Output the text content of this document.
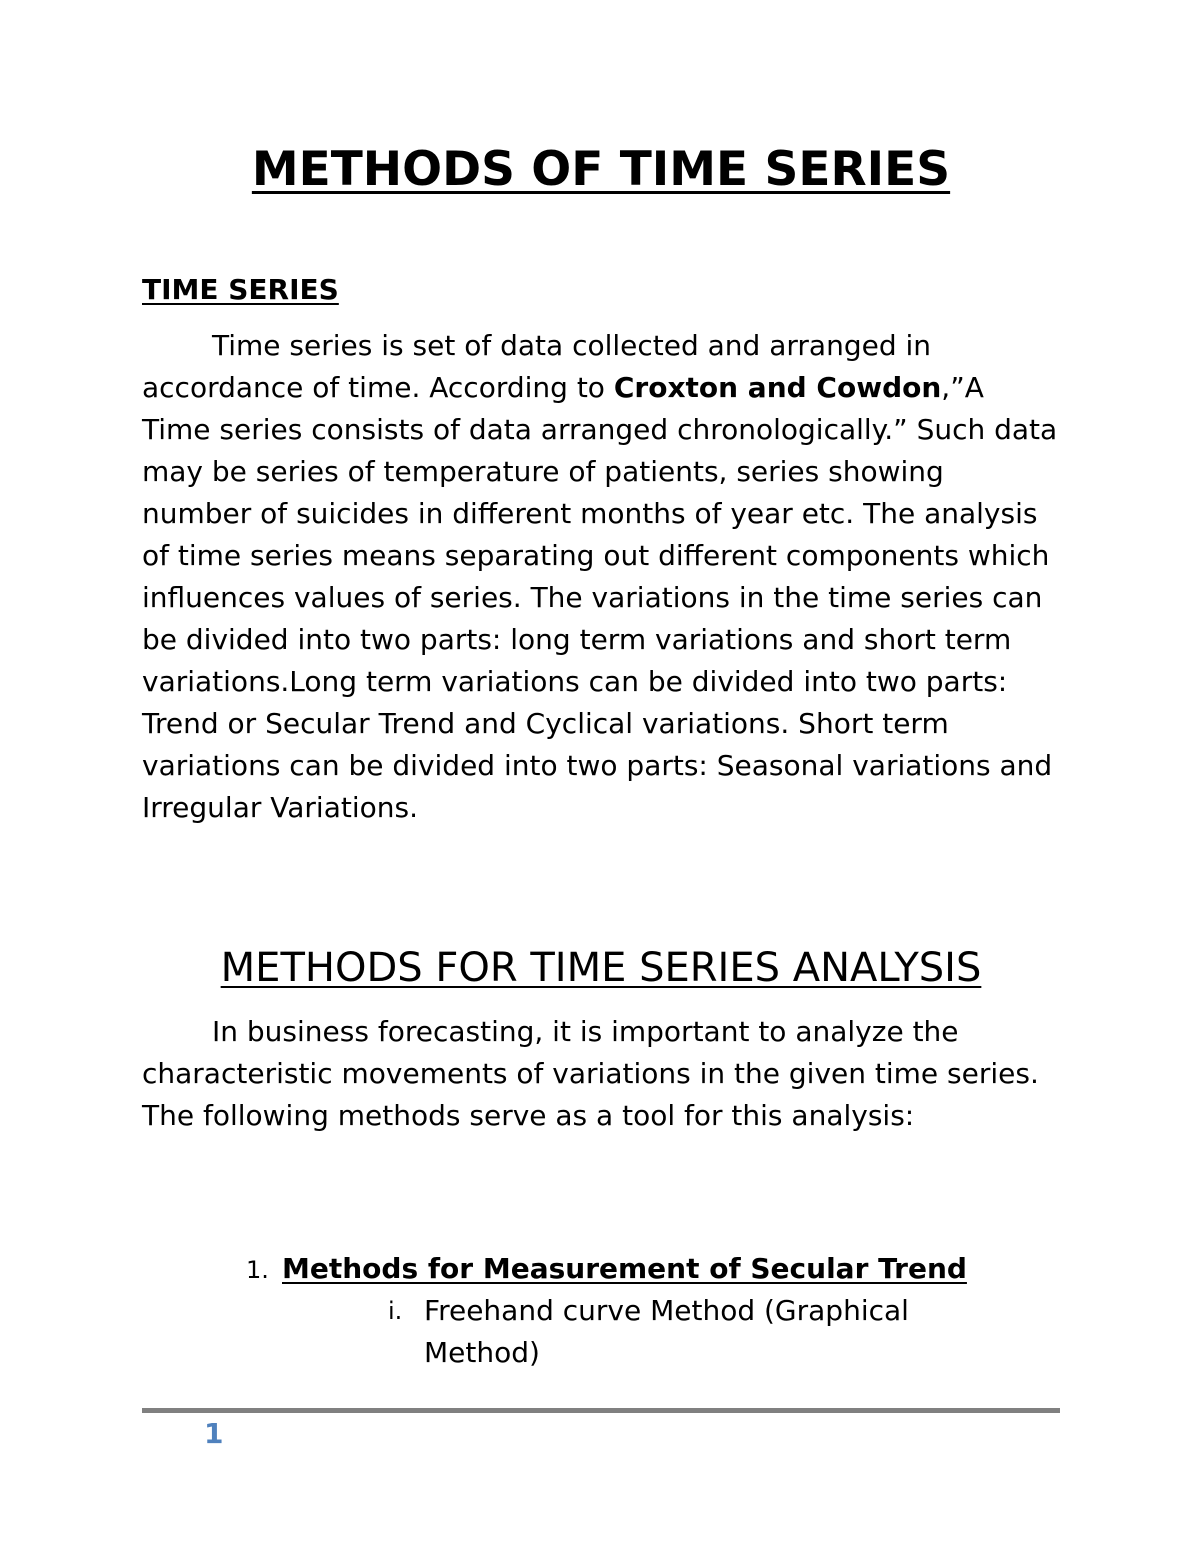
METHODS OF TIME SERIES
TIME SERIES

Time series is set of data collected and arranged in accordance of time. According to Croxton and Cowdon,”A Time series consists of data arranged chronologically.” Such data may be series of temperature of patients, series showing number of suicides in different months of year etc. The analysis of time series means separating out different components which influences values of series. The variations in the time series can be divided into two parts: long term variations and short term variations.Long term variations can be divided into two parts: Trend or Secular Trend and Cyclical variations. Short term variations can be divided into two parts: Seasonal variations and Irregular Variations.

METHODS FOR TIME SERIES ANALYSIS

In business forecasting, it is important to analyze the characteristic movements of variations in the given time series. The following methods serve as a tool for this analysis:

1. Methods for Measurement of Secular Trend
i. Freehand curve Method (Graphical Method)
1
